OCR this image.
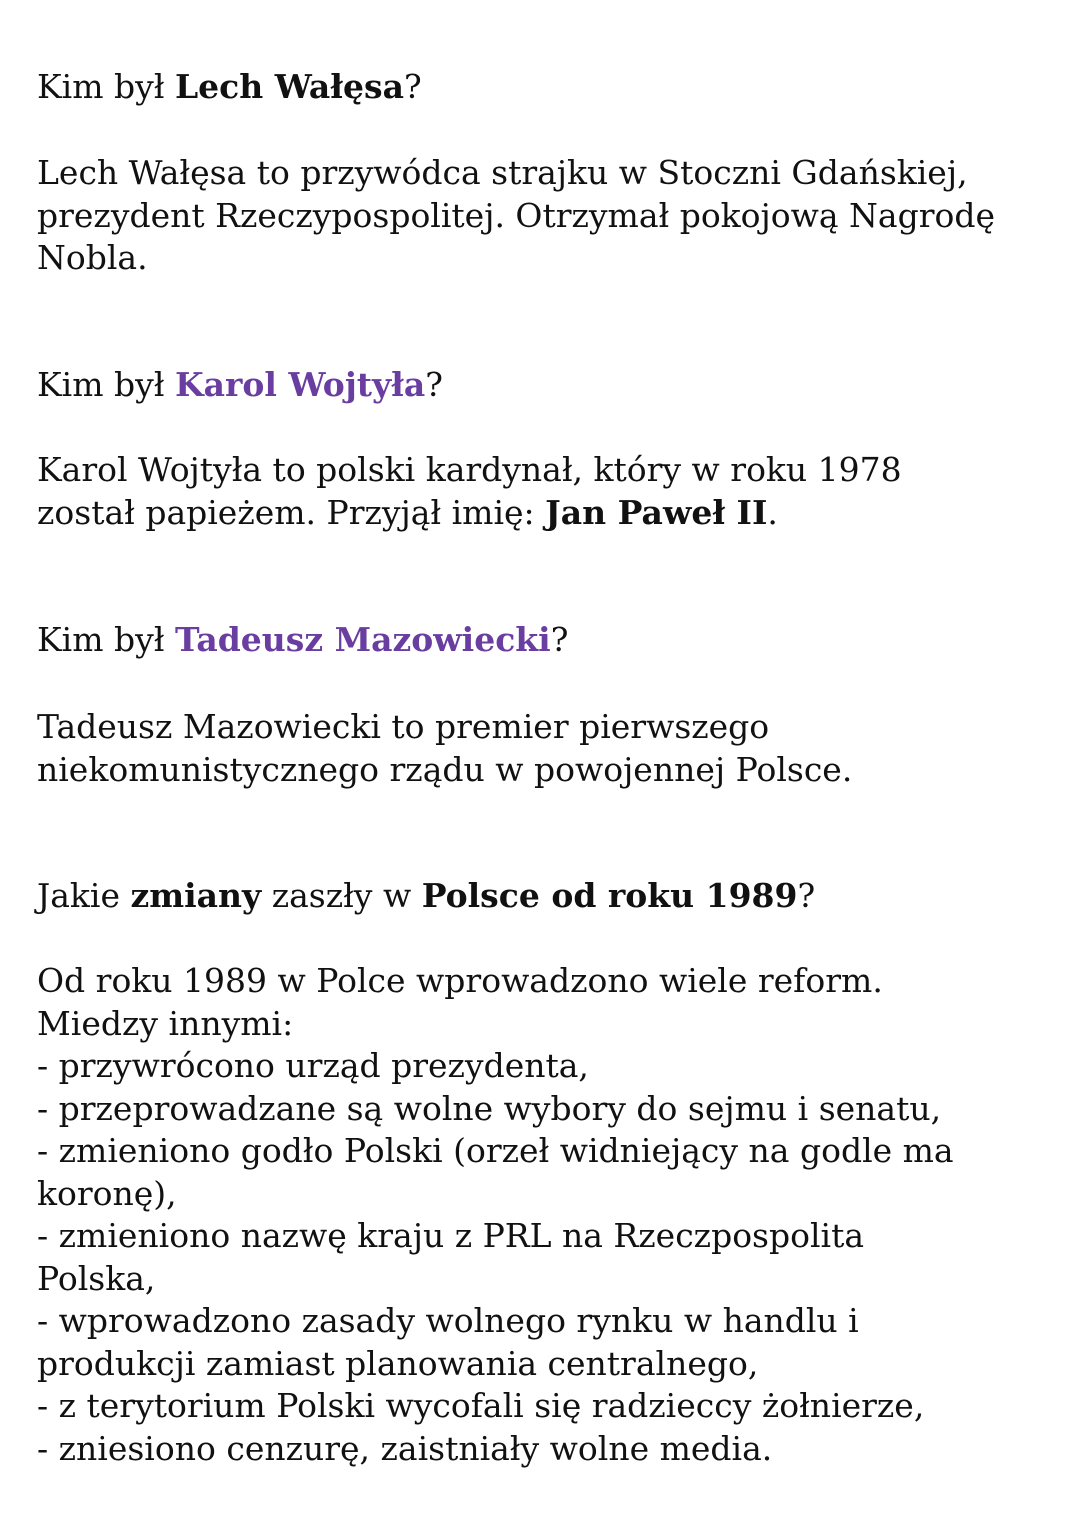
Kim był Lech Wałęsa?
Lech Wałęsa to przywódca strajku w Stoczni Gdańskiej,
prezydent Rzeczypospolitej. Otrzymał pokojową Nagrodę
Nobla.
Kim był Karol Wojtyła?
Karol Wojtyła to polski kardynał, który w roku 1978
został papieżem. Przyjął imię: Jan Paweł II.
Kim był Tadeusz Mazowiecki?
Tadeusz Mazowiecki to premier pierwszego
niekomunistycznego rządu w powojennej Polsce.
Jakie zmiany zaszły w Polsce od roku 1989?
Od roku 1989 w Polce wprowadzono wiele reform.
Miedzy innymi:
- przywrócono urząd prezydenta,
- przeprowadzane są wolne wybory do sejmu i senatu,
- zmieniono godło Polski (orzeł widniejący na godle ma
koronę),
- zmieniono nazwę kraju z PRL na Rzeczpospolita
Polska,
- wprowadzono zasady wolnego rynku w handlu i
produkcji zamiast planowania centralnego,
- z terytorium Polski wycofali się radzieccy żołnierze,
- zniesiono cenzurę, zaistniały wolne media.
